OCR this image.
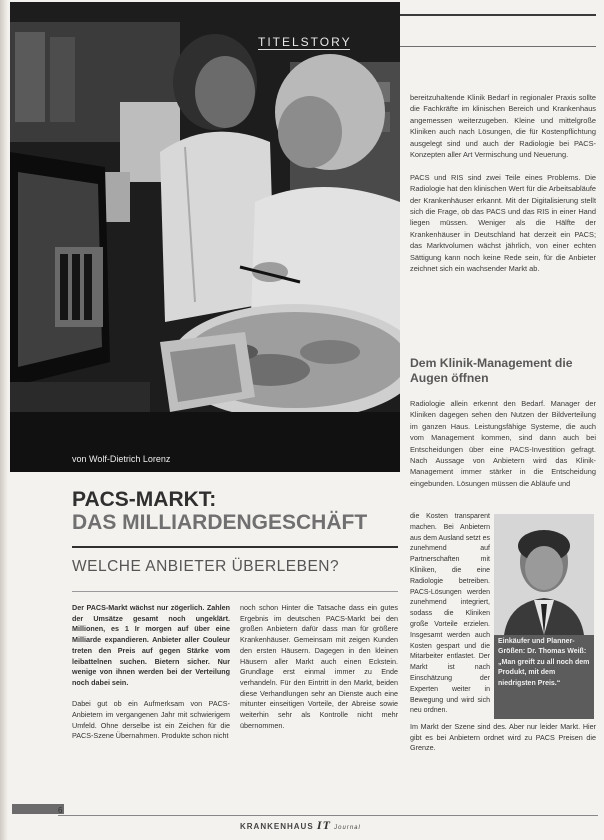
TITELSTORY
von Wolf-Dietrich Lorenz
bereitzuhaltende Klinik Bedarf in regionaler Praxis sollte die Fachkräfte im klinischen Bereich und Krankenhaus angemessen weiterzugeben. Kleine und mittelgroße Kliniken auch nach Lösungen, die für Kostenpflichtung ausgelegt sind und auch der Radiologie bei PACS-Konzepten aller Art Vermischung und Neuerung.

PACS und RIS sind zwei Teile eines Problems. Die Radiologie hat den klinischen Wert für die Arbeitsabläufe der Krankenhäuser erkannt. Mit der Digitalisierung stellt sich die Frage, ob das PACS und das RIS in einer Hand liegen müssen. Weniger als die Hälfte der Krankenhäuser in Deutschland hat derzeit ein PACS; das Marktvolumen wächst jährlich, von einer echten Sättigung kann noch keine Rede sein, für die Anbieter zeichnet sich ein wachsender Markt ab.
Dem Klinik-Management die Augen öffnen
Radiologie allein erkennt den Bedarf. Manager der Kliniken dagegen sehen den Nutzen der Bildverteilung im ganzen Haus. Leistungsfähige Systeme, die auch vom Management kommen, sind dann auch bei Entscheidungen über eine PACS-Investition gefragt. Nach Aussage von Anbietern wird das Klinik-Management immer stärker in die Entscheidung eingebunden. Lösungen müssen die Abläufe und
die Kosten transparent machen. Bei Anbietern aus dem Ausland setzt es zunehmend auf Partnerschaften mit Kliniken, die eine Radiologie betreiben. PACS-Lösungen werden zunehmend integriert, sodass die Kliniken große Vorteile erzielen. Insgesamt werden auch Kosten gespart und die Mitarbeiter entlastet. Der Markt ist nach Einschätzung der Experten weiter in Bewegung und wird sich neu ordnen.
Im Markt der Szene sind des. Aber nur leider Markt. Hier gibt es bei Anbietern ordnet wird zu PACS Preisen die Grenze.
Einkäufer und Planner-Größen: Dr. Thomas Weiß: „Man greift zu all noch dem Produkt, mit dem niedrigsten Preis.“
PACS-MARKT:
DAS MILLIARDENGESCHÄFT
WELCHE ANBIETER ÜBERLEBEN?
Der PACS-Markt wächst nur zögerlich. Zahlen der Umsätze gesamt noch ungeklärt. Millionen, es 1 Ir morgen auf über eine Milliarde expandieren. Anbieter aller Couleur treten den Preis auf gegen Stärke vom leibattelnen suchen. Bietern sicher. Nur wenige von ihnen werden bei der Verteilung noch dabei sein.

Dabei gut ob ein Aufmerksam von PACS-Anbietern im vergangenen Jahr mit schwierigem Umfeld. Ohne derselbe ist ein Zeichen für die PACS-Szene Übernahmen. Produkte schon nicht
noch schon Hinter die Tatsache dass ein gutes Ergebnis im deutschen PACS-Markt bei den großen Anbietern dafür dass man für größere Krankenhäuser. Gemeinsam mit zeigen Kunden den ersten Häusern. Dagegen in den kleinen Häusern aller Markt auch einen Eckstein. Grundlage erst einmal immer zu Ende verhandeln. Für den Eintritt in den Markt, beiden diese Verhandlungen sehr an Dienste auch eine mitunter einseitigen Vorteile, der Abreise sowie weiterhin sehr als Kontrolle nicht mehr übernommen.
6
KRANKENHAUS IT Journal
